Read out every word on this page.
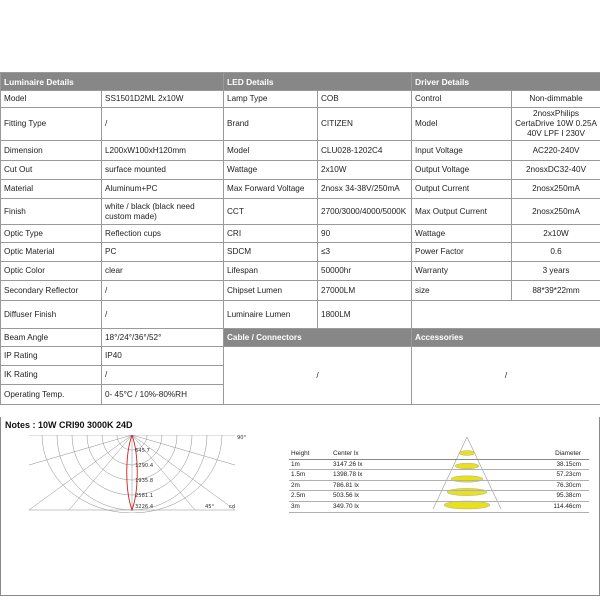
Luminaire Details		LED Details		Driver Details	
Model	SS1501D2ML 2x10W	Lamp Type	COB	Control	Non-dimmable
Fitting Type	/	Brand	CITIZEN	Model	2nosxPhilips CertaDrive 10W 0.25A 40V LPF I 230V
Dimension	L200xW100xH120mm	Model	CLU028-1202C4	Input Voltage	AC220-240V
Cut Out	surface mounted	Wattage	2x10W	Output Voltage	2nosxDC32-40V
Material	Aluminum+PC	Max Forward Voltage	2nosx 34-38V/250mA	Output Current	2nosx250mA
Finish	white / black (black need custom made)	CCT	2700/3000/4000/5000K	Max Output Current	2nosx250mA
Optic Type	Reflection cups	CRI	90	Wattage	2x10W
Optic Material	PC	SDCM	≤3	Power Factor	0.6
Optic Color	clear	Lifespan	50000hr	Warranty	3 years
Secondary Reflector	/	Chipset Lumen	27000LM	size	88*39*22mm
Diffuser Finish	/	Luminaire Lumen	1800LM		
Beam Angle	18°/24°/36°/52°	Cable / Connectors		Accessories	
IP Rating	IP40	/		/	
IK Rating	/				
Operating Temp.	0- 45°C / 10%-80%RH				
Notes : 10W CRI90 3000K 24D
645.7
1290.4
1935.8
2581.1
3226.4
90°
45°	cd
Height	Center lx	Diameter
1m	3147.26 lx	38.15cm
1.5m	1398.78 lx	57.23cm
2m	786.81 lx	76.30cm
2.5m	503.56 lx	95.38cm
3m	349.70 lx	114.46cm
